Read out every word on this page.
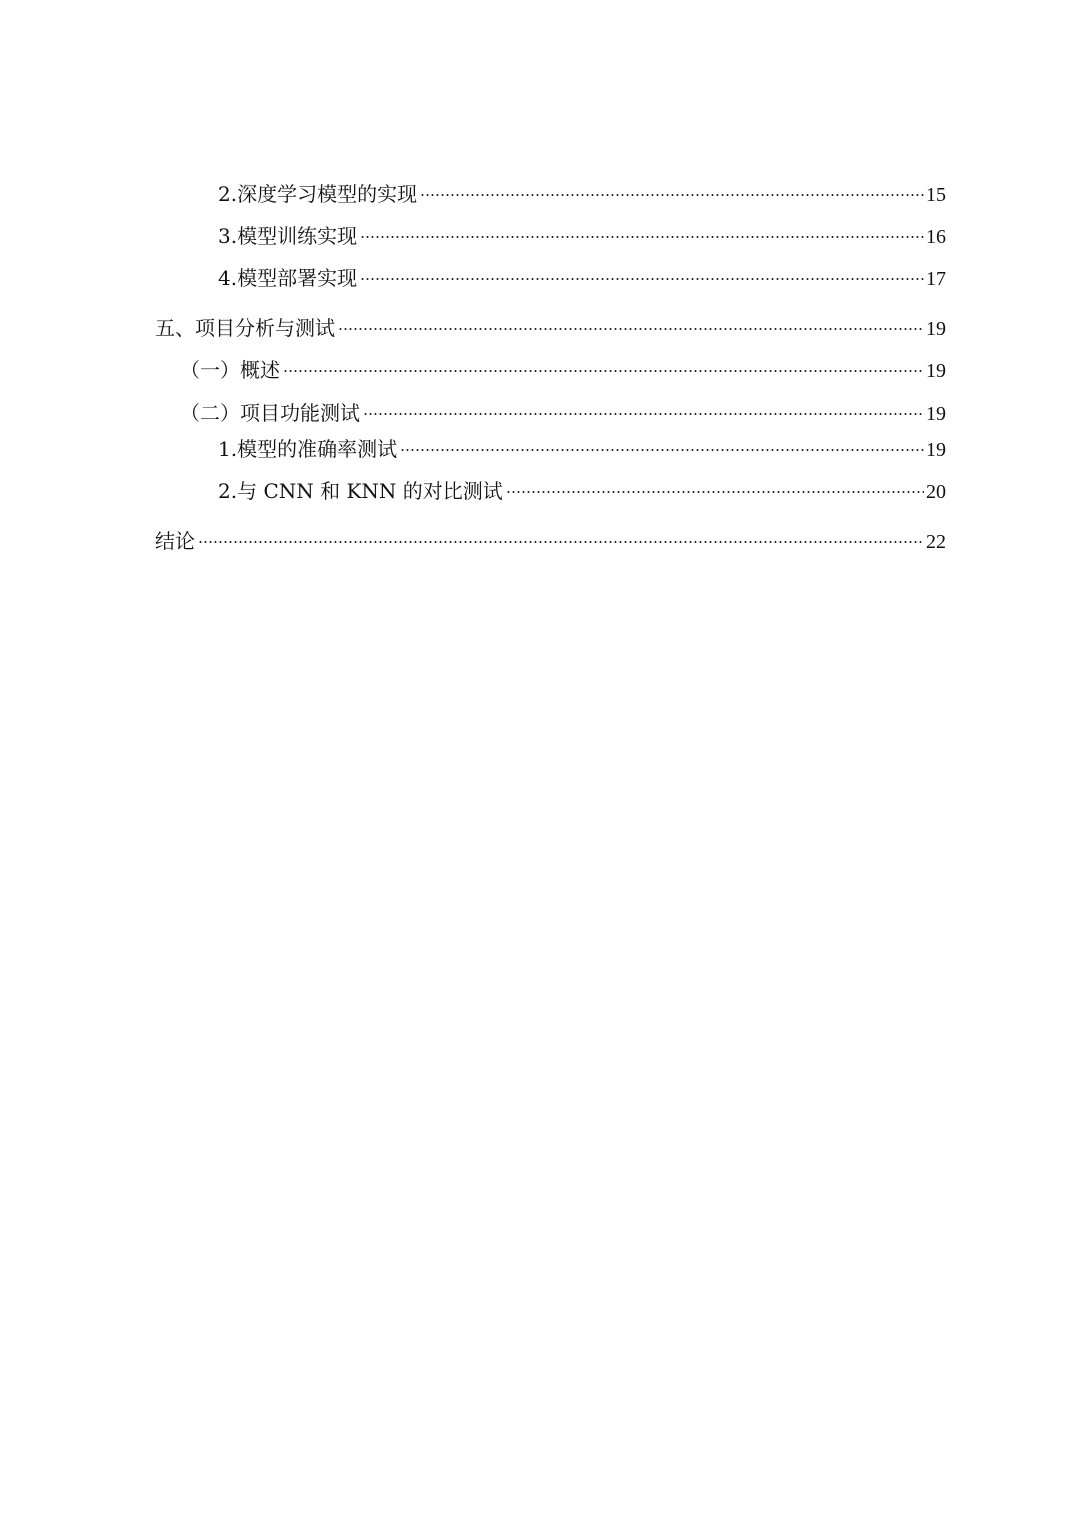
2.深度学习模型的实现	15
3.模型训练实现	16
4.模型部署实现	17
五、项目分析与测试	19
（一）概述	19
（二）项目功能测试	19
1.模型的准确率测试	19
2.与 CNN 和 KNN 的对比测试	20
结论	22
